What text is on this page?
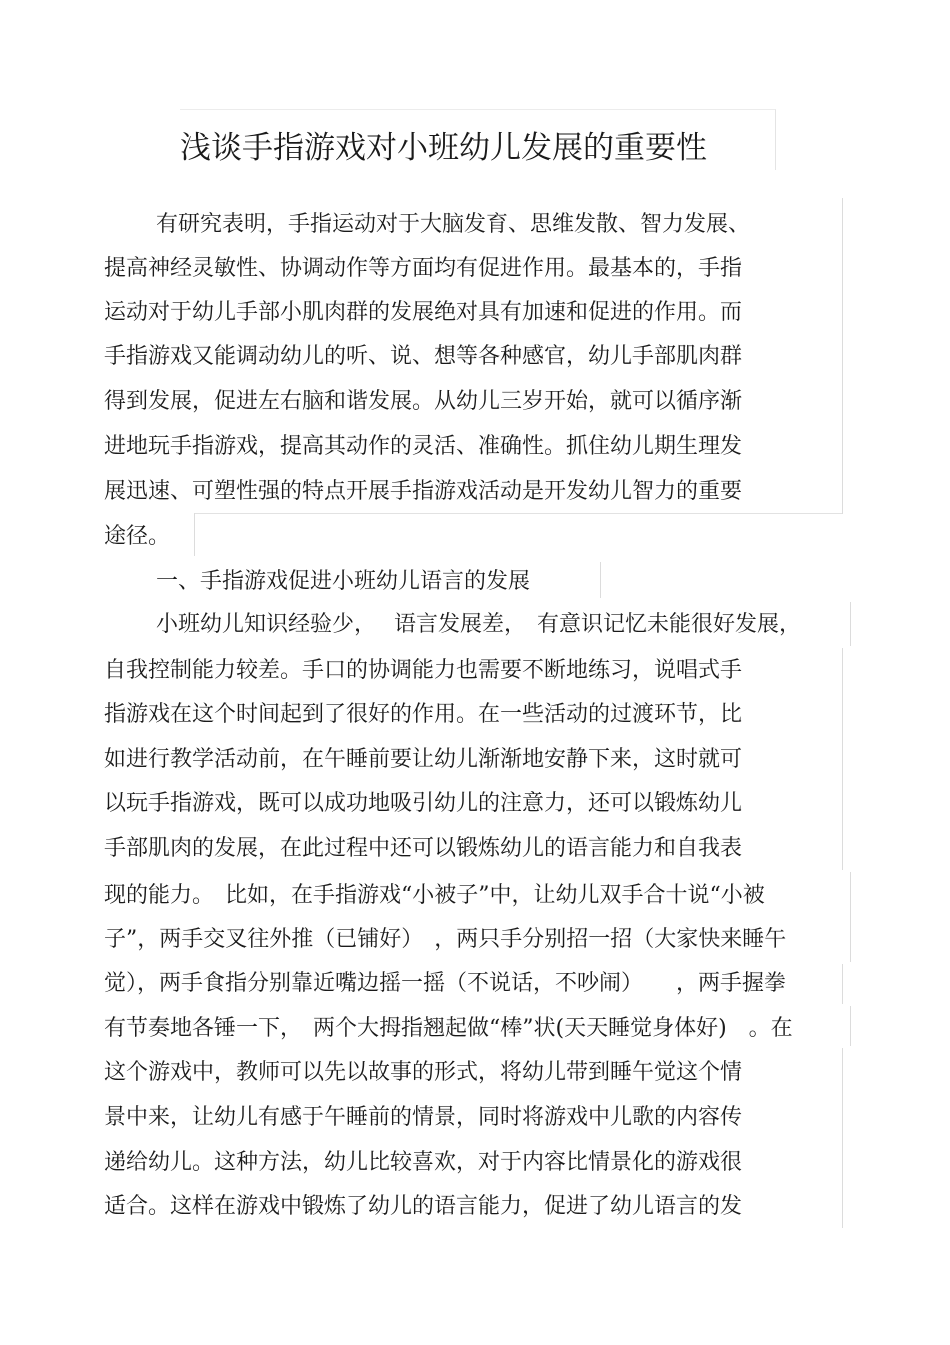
浅谈手指游戏对小班幼儿发展的重要性
有研究表明，手指运动对于大脑发育、思维发散、智力发展、
提高神经灵敏性、协调动作等方面均有促进作用。最基本的，手指
运动对于幼儿手部小肌肉群的发展绝对具有加速和促进的作用。而
手指游戏又能调动幼儿的听、说、想等各种感官，幼儿手部肌肉群
得到发展，促进左右脑和谐发展。从幼儿三岁开始，就可以循序渐
进地玩手指游戏，提高其动作的灵活、准确性。抓住幼儿期生理发
展迅速、可塑性强的特点开展手指游戏活动是开发幼儿智力的重要
途径。
一、手指游戏促进小班幼儿语言的发展
小班幼儿知识经验少，　 语言发展差，　有意识记忆未能很好发展，
自我控制能力较差。手口的协调能力也需要不断地练习，说唱式手
指游戏在这个时间起到了很好的作用。在一些活动的过渡环节，比
如进行教学活动前，在午睡前要让幼儿渐渐地安静下来，这时就可
以玩手指游戏，既可以成功地吸引幼儿的注意力，还可以锻炼幼儿
手部肌肉的发展，在此过程中还可以锻炼幼儿的语言能力和自我表
现的能力。　比如，在手指游戏“小被子”中，让幼儿双手合十说“小被
子”，两手交叉往外推（已铺好）　，两只手分别招一招（大家快来睡午
觉），两手食指分别靠近嘴边摇一摇（不说话，不吵闹）　　，两手握拳
有节奏地各锤一下，　两个大拇指翘起做“棒”状(天天睡觉身体好)　。在
这个游戏中，教师可以先以故事的形式，将幼儿带到睡午觉这个情
景中来，让幼儿有感于午睡前的情景，同时将游戏中儿歌的内容传
递给幼儿。这种方法，幼儿比较喜欢，对于内容比情景化的游戏很
适合。这样在游戏中锻炼了幼儿的语言能力，促进了幼儿语言的发
